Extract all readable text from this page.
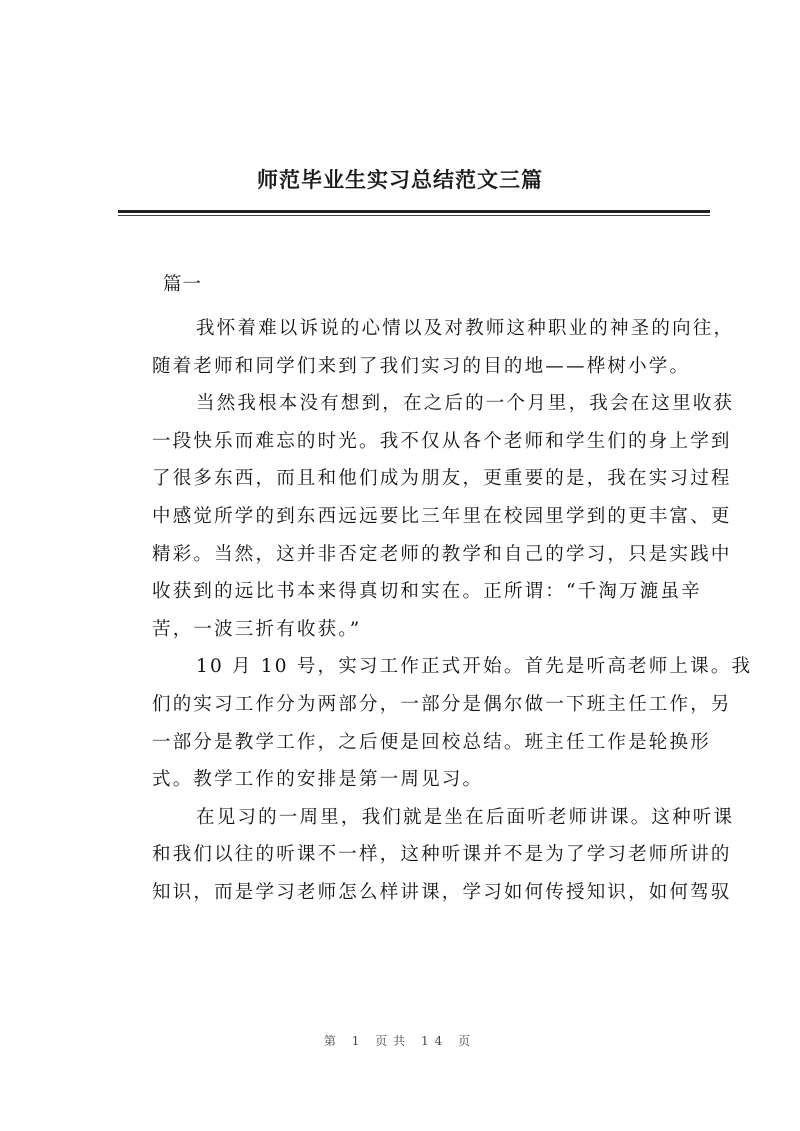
师范毕业生实习总结范文三篇
篇一
我怀着难以诉说的心情以及对教师这种职业的神圣的向往，
随着老师和同学们来到了我们实习的目的地——桦树小学。
当然我根本没有想到，在之后的一个月里，我会在这里收获
一段快乐而难忘的时光。我不仅从各个老师和学生们的身上学到
了很多东西，而且和他们成为朋友，更重要的是，我在实习过程
中感觉所学的到东西远远要比三年里在校园里学到的更丰富、更
精彩。当然，这并非否定老师的教学和自己的学习，只是实践中
收获到的远比书本来得真切和实在。正所谓：“千淘万漉虽辛
苦，一波三折有收获。”
10 月 10 号，实习工作正式开始。首先是听高老师上课。我
们的实习工作分为两部分，一部分是偶尔做一下班主任工作，另
一部分是教学工作，之后便是回校总结。班主任工作是轮换形
式。教学工作的安排是第一周见习。
在见习的一周里，我们就是坐在后面听老师讲课。这种听课
和我们以往的听课不一样，这种听课并不是为了学习老师所讲的
知识，而是学习老师怎么样讲课，学习如何传授知识，如何驾驭
第 1 页共 14 页
